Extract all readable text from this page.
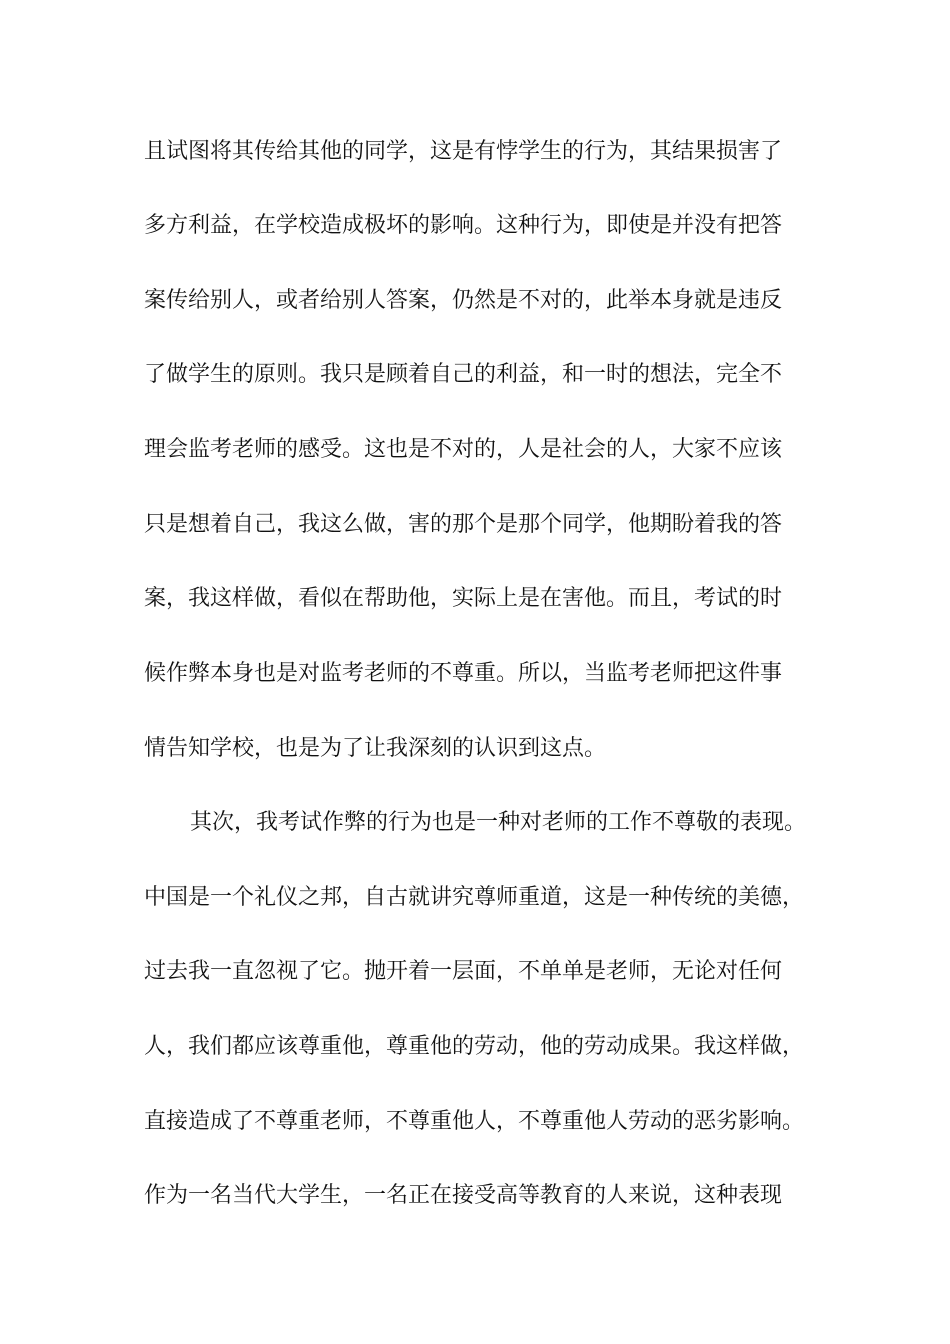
且试图将其传给其他的同学，这是有悖学生的行为，其结果损害了
多方利益，在学校造成极坏的影响。这种行为，即使是并没有把答
案传给别人，或者给别人答案，仍然是不对的，此举本身就是违反
了做学生的原则。我只是顾着自己的利益，和一时的想法，完全不
理会监考老师的感受。这也是不对的，人是社会的人，大家不应该
只是想着自己，我这么做，害的那个是那个同学，他期盼着我的答
案，我这样做，看似在帮助他，实际上是在害他。而且，考试的时
候作弊本身也是对监考老师的不尊重。所以，当监考老师把这件事
情告知学校，也是为了让我深刻的认识到这点。
其次，我考试作弊的行为也是一种对老师的工作不尊敬的表现。
中国是一个礼仪之邦，自古就讲究尊师重道，这是一种传统的美德，
过去我一直忽视了它。抛开着一层面，不单单是老师，无论对任何
人，我们都应该尊重他，尊重他的劳动，他的劳动成果。我这样做，
直接造成了不尊重老师，不尊重他人，不尊重他人劳动的恶劣影响。
作为一名当代大学生，一名正在接受高等教育的人来说，这种表现
